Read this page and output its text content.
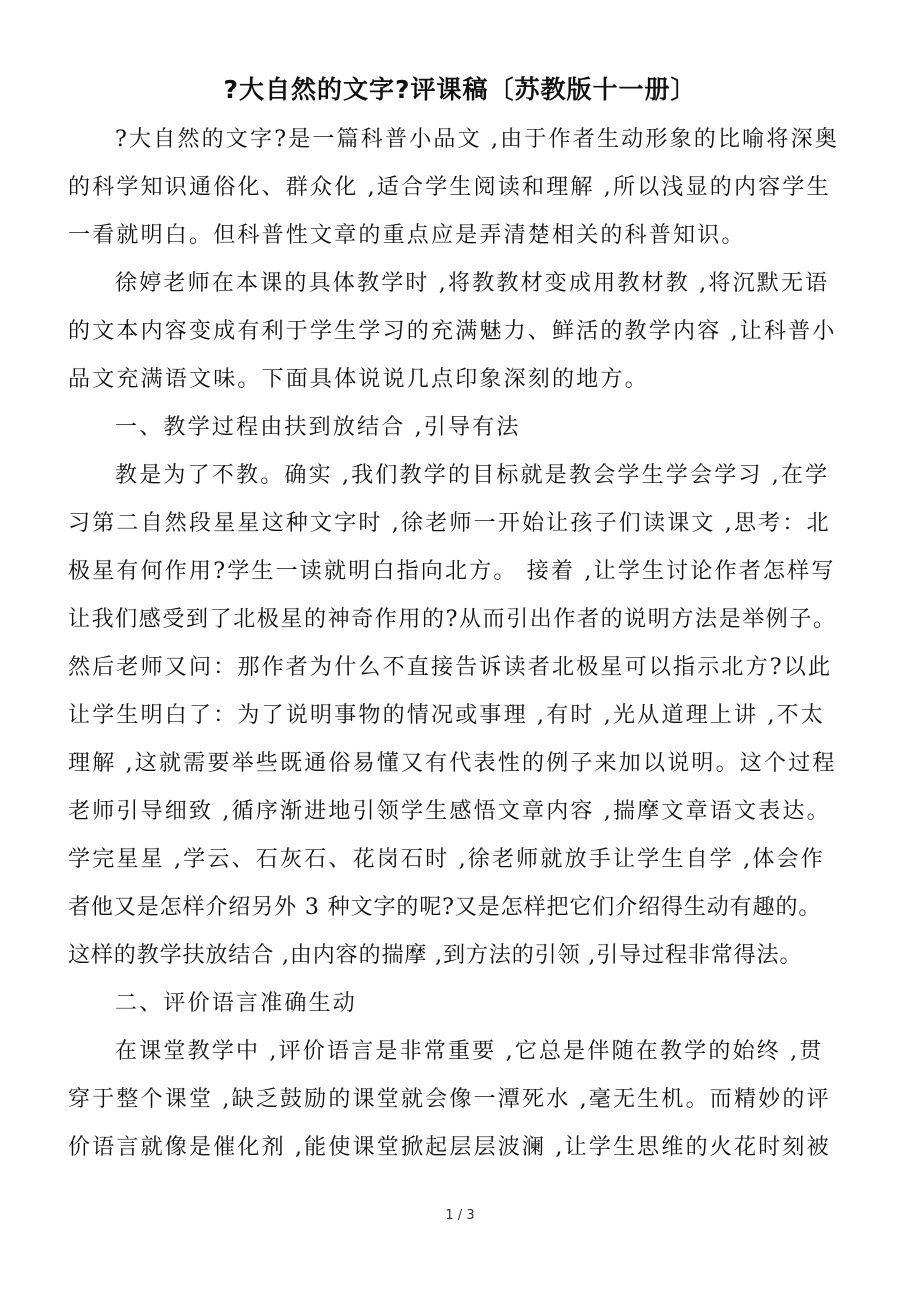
?大自然的文字?评课稿〔苏教版十一册〕
?大自然的文字?是一篇科普小品文 ,由于作者生动形象的比喻将深奥
的科学知识通俗化、群众化 ,适合学生阅读和理解 ,所以浅显的内容学生
一看就明白。但科普性文章的重点应是弄清楚相关的科普知识。
徐婷老师在本课的具体教学时 ,将教教材变成用教材教 ,将沉默无语
的文本内容变成有利于学生学习的充满魅力、鲜活的教学内容 ,让科普小
品文充满语文味。下面具体说说几点印象深刻的地方。
一、教学过程由扶到放结合 ,引导有法
教是为了不教。确实 ,我们教学的目标就是教会学生学会学习 ,在学
习第二自然段星星这种文字时 ,徐老师一开始让孩子们读课文 ,思考：北
极星有何作用?学生一读就明白指向北方。 接着 ,让学生讨论作者怎样写
让我们感受到了北极星的神奇作用的?从而引出作者的说明方法是举例子。
然后老师又问：那作者为什么不直接告诉读者北极星可以指示北方?以此
让学生明白了：为了说明事物的情况或事理 ,有时 ,光从道理上讲 ,不太
理解 ,这就需要举些既通俗易懂又有代表性的例子来加以说明。这个过程
老师引导细致 ,循序渐进地引领学生感悟文章内容 ,揣摩文章语文表达。
学完星星 ,学云、石灰石、花岗石时 ,徐老师就放手让学生自学 ,体会作
者他又是怎样介绍另外 3 种文字的呢?又是怎样把它们介绍得生动有趣的。
这样的教学扶放结合 ,由内容的揣摩 ,到方法的引领 ,引导过程非常得法。
二、评价语言准确生动
在课堂教学中 ,评价语言是非常重要 ,它总是伴随在教学的始终 ,贯
穿于整个课堂 ,缺乏鼓励的课堂就会像一潭死水 ,毫无生机。而精妙的评
价语言就像是催化剂 ,能使课堂掀起层层波澜 ,让学生思维的火花时刻被
1 / 3
